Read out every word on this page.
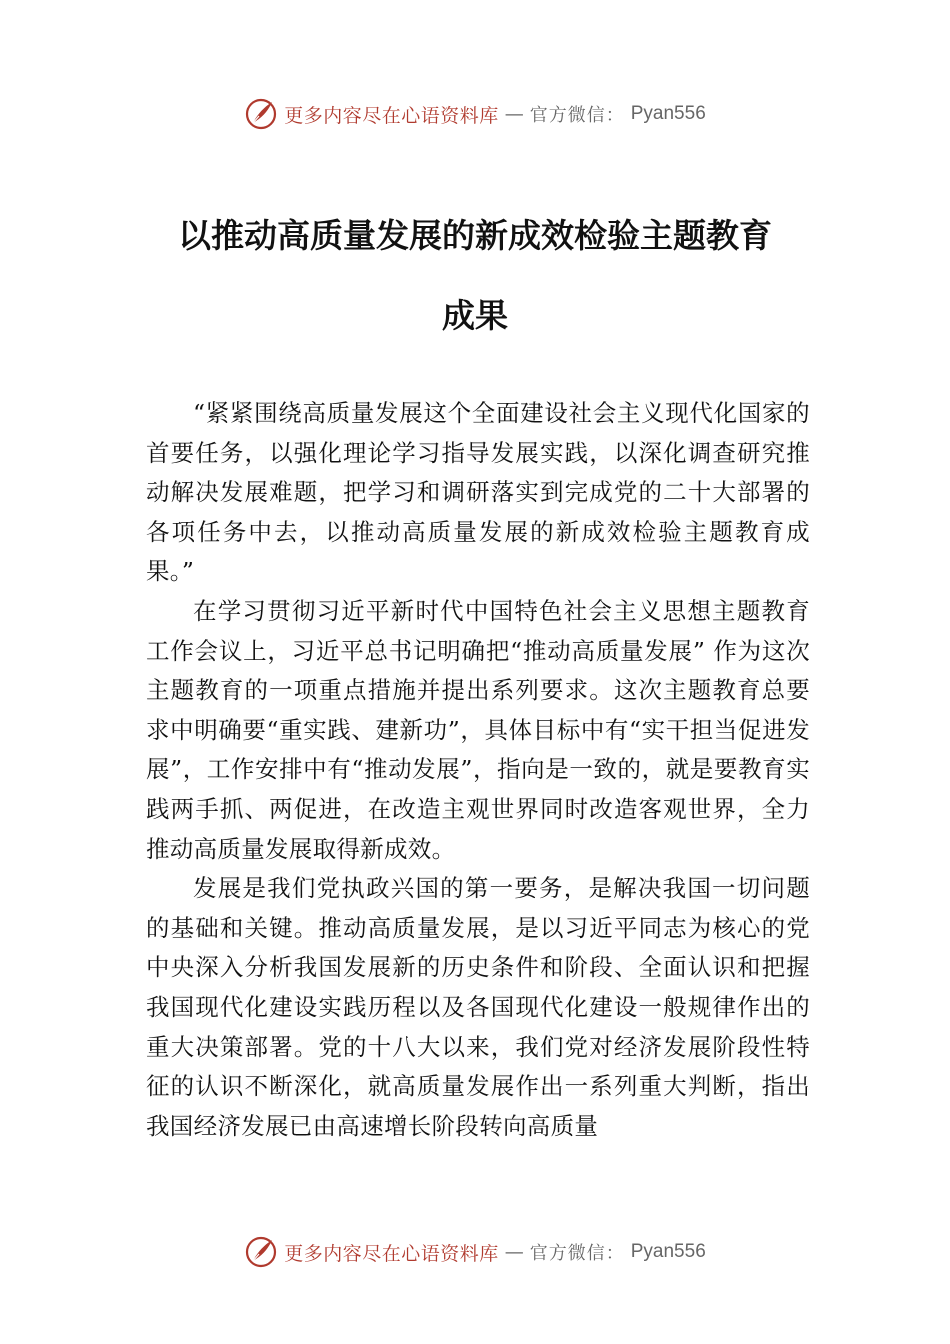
更多内容尽在心语资料库 — 官方微信： Pyan556
以推动高质量发展的新成效检验主题教育
成果

“紧紧围绕高质量发展这个全面建设社会主义现代化国家的首要任务，以强化理论学习指导发展实践，以深化调查研究推动解决发展难题，把学习和调研落实到完成党的二十大部署的各项任务中去，以推动高质量发展的新成效检验主题教育成果。”

在学习贯彻习近平新时代中国特色社会主义思想主题教育工作会议上，习近平总书记明确把“推动高质量发展” 作为这次主题教育的一项重点措施并提出系列要求。这次主题教育总要求中明确要“重实践、建新功”，具体目标中有“实干担当促进发展”，工作安排中有“推动发展”，指向是一致的，就是要教育实践两手抓、两促进，在改造主观世界同时改造客观世界，全力推动高质量发展取得新成效。

发展是我们党执政兴国的第一要务，是解决我国一切问题的基础和关键。推动高质量发展，是以习近平同志为核心的党中央深入分析我国发展新的历史条件和阶段、全面认识和把握我国现代化建设实践历程以及各国现代化建设一般规律作出的重大决策部署。党的十八大以来，我们党对经济发展阶段性特征的认识不断深化，就高质量发展作出一系列重大判断，指出我国经济发展已由高速增长阶段转向高质量

更多内容尽在心语资料库 — 官方微信： Pyan556
